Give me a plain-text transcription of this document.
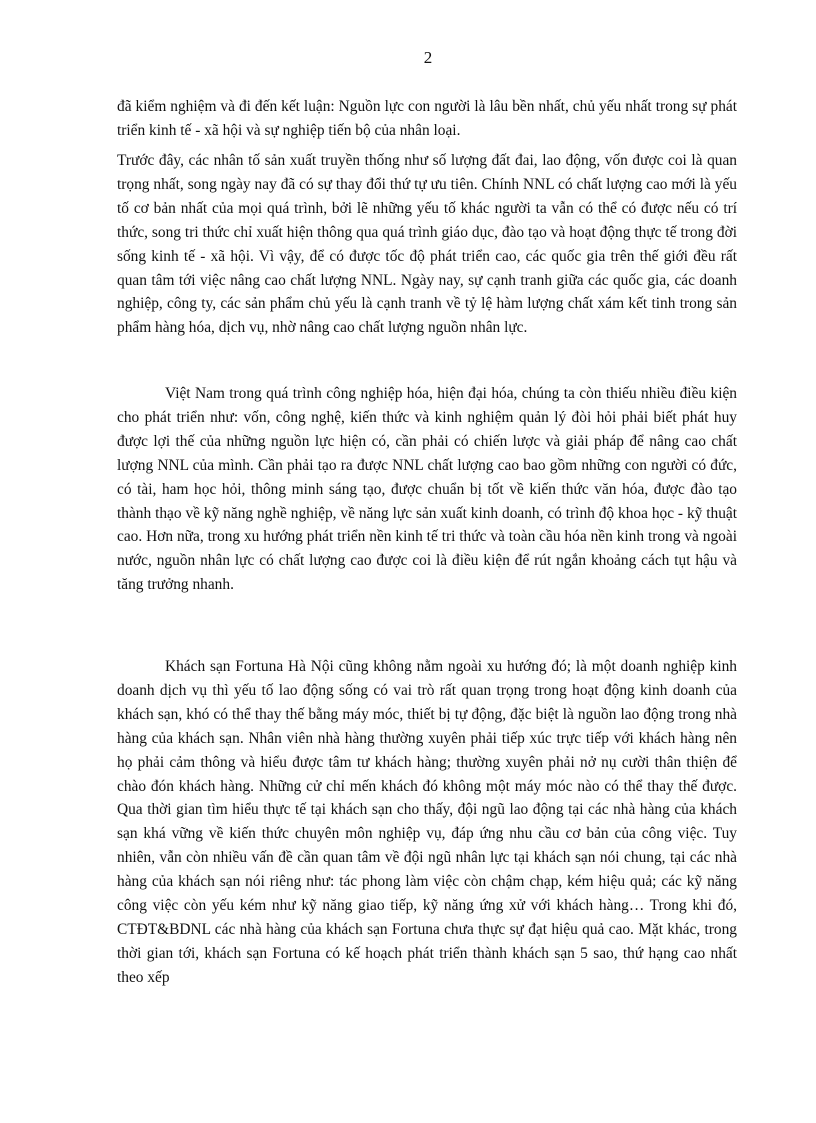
2

đã kiểm nghiệm và đi đến kết luận: Nguồn lực con người là lâu bền nhất, chủ yếu nhất trong sự phát triển kinh tế - xã hội và sự nghiệp tiến bộ của nhân loại.

Trước đây, các nhân tố sản xuất truyền thống như số lượng đất đai, lao động, vốn được coi là quan trọng nhất, song ngày nay đã có sự thay đổi thứ tự ưu tiên. Chính NNL có chất lượng cao mới là yếu tố cơ bản nhất của mọi quá trình, bởi lẽ những yếu tố khác người ta vẫn có thể có được nếu có trí thức, song tri thức chỉ xuất hiện thông qua quá trình giáo dục, đào tạo và hoạt động thực tế trong đời sống kinh tế - xã hội. Vì vậy, để có được tốc độ phát triển cao, các quốc gia trên thế giới đều rất quan tâm tới việc nâng cao chất lượng NNL. Ngày nay, sự cạnh tranh giữa các quốc gia, các doanh nghiệp, công ty, các sản phẩm chủ yếu là cạnh tranh về tỷ lệ hàm lượng chất xám kết tinh trong sản phẩm hàng hóa, dịch vụ, nhờ nâng cao chất lượng nguồn nhân lực.

Việt Nam trong quá trình công nghiệp hóa, hiện đại hóa, chúng ta còn thiếu nhiều điều kiện cho phát triển như: vốn, công nghệ, kiến thức và kinh nghiệm quản lý đòi hỏi phải biết phát huy được lợi thế của những nguồn lực hiện có, cần phải có chiến lược và giải pháp để nâng cao chất lượng NNL của mình. Cần phải tạo ra được NNL chất lượng cao bao gồm những con người có đức, có tài, ham học hỏi, thông minh sáng tạo, được chuẩn bị tốt về kiến thức văn hóa, được đào tạo thành thạo về kỹ năng nghề nghiệp, về năng lực sản xuất kinh doanh, có trình độ khoa học - kỹ thuật cao. Hơn nữa, trong xu hướng phát triển nền kinh tế tri thức và toàn cầu hóa nền kinh trong và ngoài nước, nguồn nhân lực có chất lượng cao được coi là điều kiện để rút ngắn khoảng cách tụt hậu và tăng trưởng nhanh.

Khách sạn Fortuna Hà Nội cũng không nằm ngoài xu hướng đó; là một doanh nghiệp kinh doanh dịch vụ thì yếu tố lao động sống có vai trò rất quan trọng trong hoạt động kinh doanh của khách sạn, khó có thể thay thế bằng máy móc, thiết bị tự động, đặc biệt là nguồn lao động trong nhà hàng của khách sạn. Nhân viên nhà hàng thường xuyên phải tiếp xúc trực tiếp với khách hàng nên họ phải cảm thông và hiểu được tâm tư khách hàng; thường xuyên phải nở nụ cười thân thiện để chào đón khách hàng. Những cử chỉ mến khách đó không một máy móc nào có thể thay thế được. Qua thời gian tìm hiểu thực tế tại khách sạn cho thấy, đội ngũ lao động tại các nhà hàng của khách sạn khá vững về kiến thức chuyên môn nghiệp vụ, đáp ứng nhu cầu cơ bản của công việc. Tuy nhiên, vẫn còn nhiều vấn đề cần quan tâm về đội ngũ nhân lực tại khách sạn nói chung, tại các nhà hàng của khách sạn nói riêng như: tác phong làm việc còn chậm chạp, kém hiệu quả; các kỹ năng công việc còn yếu kém như kỹ năng giao tiếp, kỹ năng ứng xử với khách hàng… Trong khi đó, CTĐT&BDNL các nhà hàng của khách sạn Fortuna chưa thực sự đạt hiệu quả cao. Mặt khác, trong thời gian tới, khách sạn Fortuna có kế hoạch phát triển thành khách sạn 5 sao, thứ hạng cao nhất theo xếp
